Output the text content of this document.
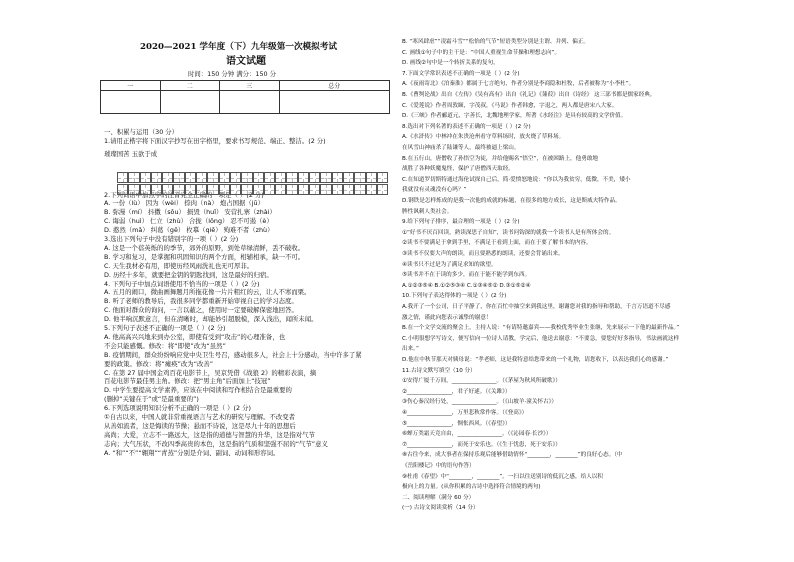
2020—2021 学年度（下）九年级第一次模拟考试
语文试题
时间：150 分钟 满分：150 分
一	二	三	总分

一、积累与运用（30 分）
1.请用正楷字将下面汉字抄写在田字格里，要求书写规范、端正、整洁。(2 分)
璀璨国苦 玉欲于成
2.下列词语中加点字的注音完全正确的一项是（ ）(2 分)
A. 一份（lù） 因为（wèi） 捺肉（nà） 炮占国据（jū）
B. 弥漫（mí） 抖擞（sǒu） 损毁（huǐ） 安营扎寨（zhài）
C. 诲弱（huì） 仁立（zhù） 合拢（lǒng） 忍不可遏（è）
D. 憨然（mǎ） 纠葛（gě） 枚摹（qiē） 殉难不者（zhù）
3.选出下列句子中没有错别字的一项（ ）(2 分)
A. 这是一个蓓英烁的的季节，郊外的原野，到处草绿清鲜，丢不破收。
B. 学习和复习，是掌握和巩固知识的两个方面，相辅相承，缺一不可。
C. 天生我材必有用，即使历经风雨洗礼也无可厚非。
D. 历经十多年，就要把金钥的钥匙找到，这是最好的归宿。
4. 下列句子中加点词语使用不恰当的一项是（ ）(2 分)
A. 五月的闹口，微曲画舞题月所拖花像一片片粗红的云，让人不寒而栗。
B. 听了老师的教导后，我很多同学都重新开始审视自己的学习态度。
C. 他面对群众的询问，一言以蔽之，使用时一定要破解保密地回答。
D. 他半响沉默意言，但在清晰时，却能妙引超脱模，深入浅出，闻所未闻。
5.下列句子表述不正确的一项是（ ）(2 分)
A. 他高高兴兴地来到办公室，即使有受到“攻击”的心理准备，也
不会只能感慨。修改：将“即使”改为“虽然”
B. 疫情期间，群众纷纷响应党中央卫生号召，感动很多人，社会上十分感动，当中许多了紧
要的政策。修改：将“瘫痪”改为“改善”
C. 在第 27 届中国金鸡百花电影节上，吴京凭借《战狼 2》的精彩表演，摘
百花电影节最佳男主角。修改：把“男主角”后面加上“技冠”
D. 中学生要提高文学素养，应该在中阅读和写作相结合是最重要的
(删掉“关键在于”或“是最重要的”)
6.下列选项说明知识分析不正确的一项是（ ）(2 分)
①自古以来，中国人就非常重视语言与艺术的研究与理解。不改变者
从善如流者，这是悔读的节操；悬而不诗说，这是尽九十年的思想后
高尚；大爱，立志不一路远大，这是指的道德与智慧的升华，这是指对气节
志向；大气压状，不改四季高贵的本色，这是指的气质和坚强不屈的“气节”意义
A. “和”“不”“翱翔”“青蒸”分别是介词、副词、动词和形容词。
B. “寒风肆虐”“凌霜斗雪”“松怡的气节”短语类型分别是主谓、并列、偏正。
C. 画线①句子中的主干是：“中国人重视生命节操和理想志向”。
D. 画线②句中是一个转折关系的复句。
7.下面文学常识表述不正确的一项是（ ）(2 分)
A.《夜雨寄北》《泊秦淮》都属于七言绝句，作者分别是李商隐和杜牧，后者被称为“小李杜”。
B.《曹刿论战》出自《左传》《吴有高有》出自《礼记》《蒹葭》出自《诗经》 这三部书都是儒家经典。
C.《爱莲说》作者周敦颐，字茂叔，《马说》作者韩愈，字退之，两人都是唐宋八大家。
D.《三峡》作者郦道元，字善长，北魏地理学家，所著《水经注》是具有较高的文学价值。
8.选出对下列名著的表述不正确的一项是（ ）(2 分)
A.《水浒传》中林冲在朱贵沧州看守草料场时，放火烧了草料场。
在风雪山神庙杀了陆谦等人，最终被逼上梁山。
B.在五行山，唐僧收了孙悟空为徒，并给他赐名“悟空”，在被困路上，他勇敢地
战胜了各种妖魔鬼怪，保护了唐僧西天取经。
C.在知道罗切斯特通过海伦试探自己后，简·爱愤怒地说：“你以为我贫穷，低微，不美，矮小
我就没有灵魂没有心吗？”
D.钢铁是怎样炼成的是我一次他的成就的标题，在很多的地方成长，这是斯威夫特作品。
脾性讽刺人类社会。
9.给下列句子排序，最合理的一项是（ ）(2 分)
①“好书不厌百回读，熟读深思子自知”，读书问钩深的就我一个读书人是有所体会的。
②读书不要满足于拿到手里，不满足于看到上面，而在于要了解书本的内容。
③读书不仅要大声的朗读，而且要熟悉的朗读，还要会背诵出来。
④读书只不过是为了满足求知的欲望。
⑤读书并不在于读的多少，而在于能不能学到东西。
A.①②③⑤④ B.①②⑤③④ C.①③④⑤② D.③①⑤②④
10.下列句子表达得体的一项是（ ）(2 分)
A.我开了一个公司，日子平静了，你在百忙中抽空来到我这里，谢谢您对我的指导和帮助，千言万语道不尽感
激之情，谨此向您表示诚挚的谢意！
B.在一个文学交流的聚会上，主持人说：“有请特邀嘉宾——我校优秀毕业生张继，先来展示一下他的最新作品。”
C.小明很想学写诗文，便写信向一位诗人请教，学完后，他送去谢意：“不要急，要您好好多指导，书法画就这样
出来。”
D.他在中秋节那天对姨母说：“孝老师，这是我特意给您带来的一个礼物，请您收下，以表达我们心的感谢。”
11.古诗文默写填空（10 分）
①安得广厦千万间，________________。（《茅屋为秋风所破歌》）
②________________，君子好逑。（《关雎》）
③伤心秦汉经行处，________________。（《山坡羊·潼关怀古》）
④________________，万里悲秋常作客。（《登高》）
⑤________________，惆怅西风。（《春望》）
⑥蝉万类霜天竞自由，________________。（《沁园春·长沙》）
⑦________________，而死于安乐也。（《生于忧患，死于安乐》）
⑧古往今来，成大事者在保持乐观后能够借助情怀“________，________”的良好心态。（中
《岳阳楼记》中的语句作答）
⑨杜甫《春望》中“________，________”。一扫以往送别诗的低沉之感，给人以积
极向上的力量。(从你积累的古诗中选择符合情境的两句)
二、阅读理解（满分 60 分）
(一) 古诗文阅读赏析（14 分）
